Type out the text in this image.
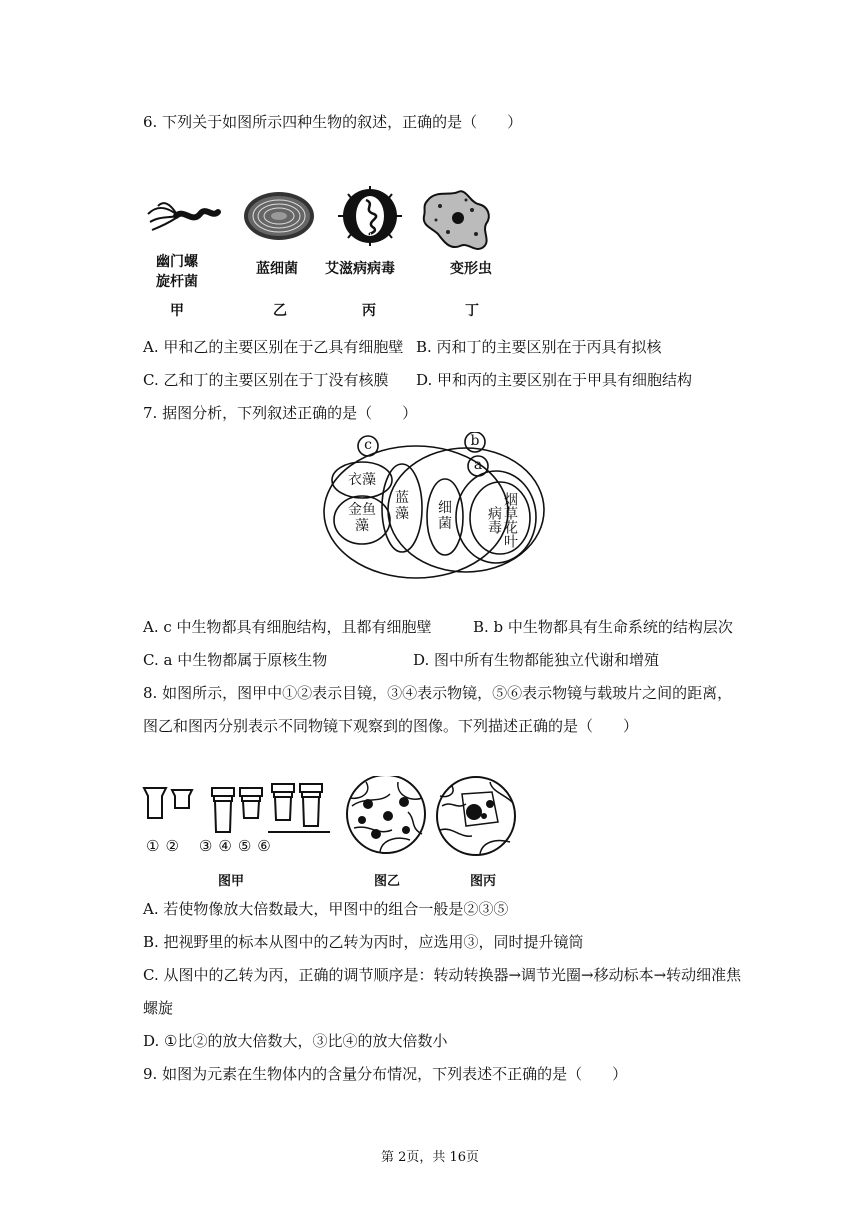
6. 下列关于如图所示四种生物的叙述，正确的是（　　）
幽门螺
旋杆菌
蓝细菌 艾滋病病毒	变形虫
甲	乙	丙	丁
A. 甲和乙的主要区别在于乙具有细胞壁 B. 丙和丁的主要区别在于丙具有拟核
C. 乙和丁的主要区别在于丁没有核膜 D. 甲和丙的主要区别在于甲具有细胞结构
7. 据图分析，下列叙述正确的是（　　）
c	b
a
衣藻
金鱼藻
蓝藻 细菌	烟草花叶病毒
A. c 中生物都具有细胞结构，且都有细胞壁	B. b 中生物都具有生命系统的结构层次
C. a 中生物都属于原核生物	D. 图中所有生物都能独立代谢和增殖
8. 如图所示，图甲中①②表示目镜，③④表示物镜，⑤⑥表示物镜与载玻片之间的距离，
图乙和图丙分别表示不同物镜下观察到的图像。下列描述正确的是（　　）
①② ③④⑤⑥
图甲	图乙	图丙
A. 若使物像放大倍数最大，甲图中的组合一般是②③⑤
B. 把视野里的标本从图中的乙转为丙时，应选用③，同时提升镜筒
C. 从图中的乙转为丙，正确的调节顺序是：转动转换器→调节光圈→移动标本→转动细准焦
螺旋
D. ①比②的放大倍数大，③比④的放大倍数小
9. 如图为元素在生物体内的含量分布情况，下列表述不正确的是（　　）
第 2页，共 16页
